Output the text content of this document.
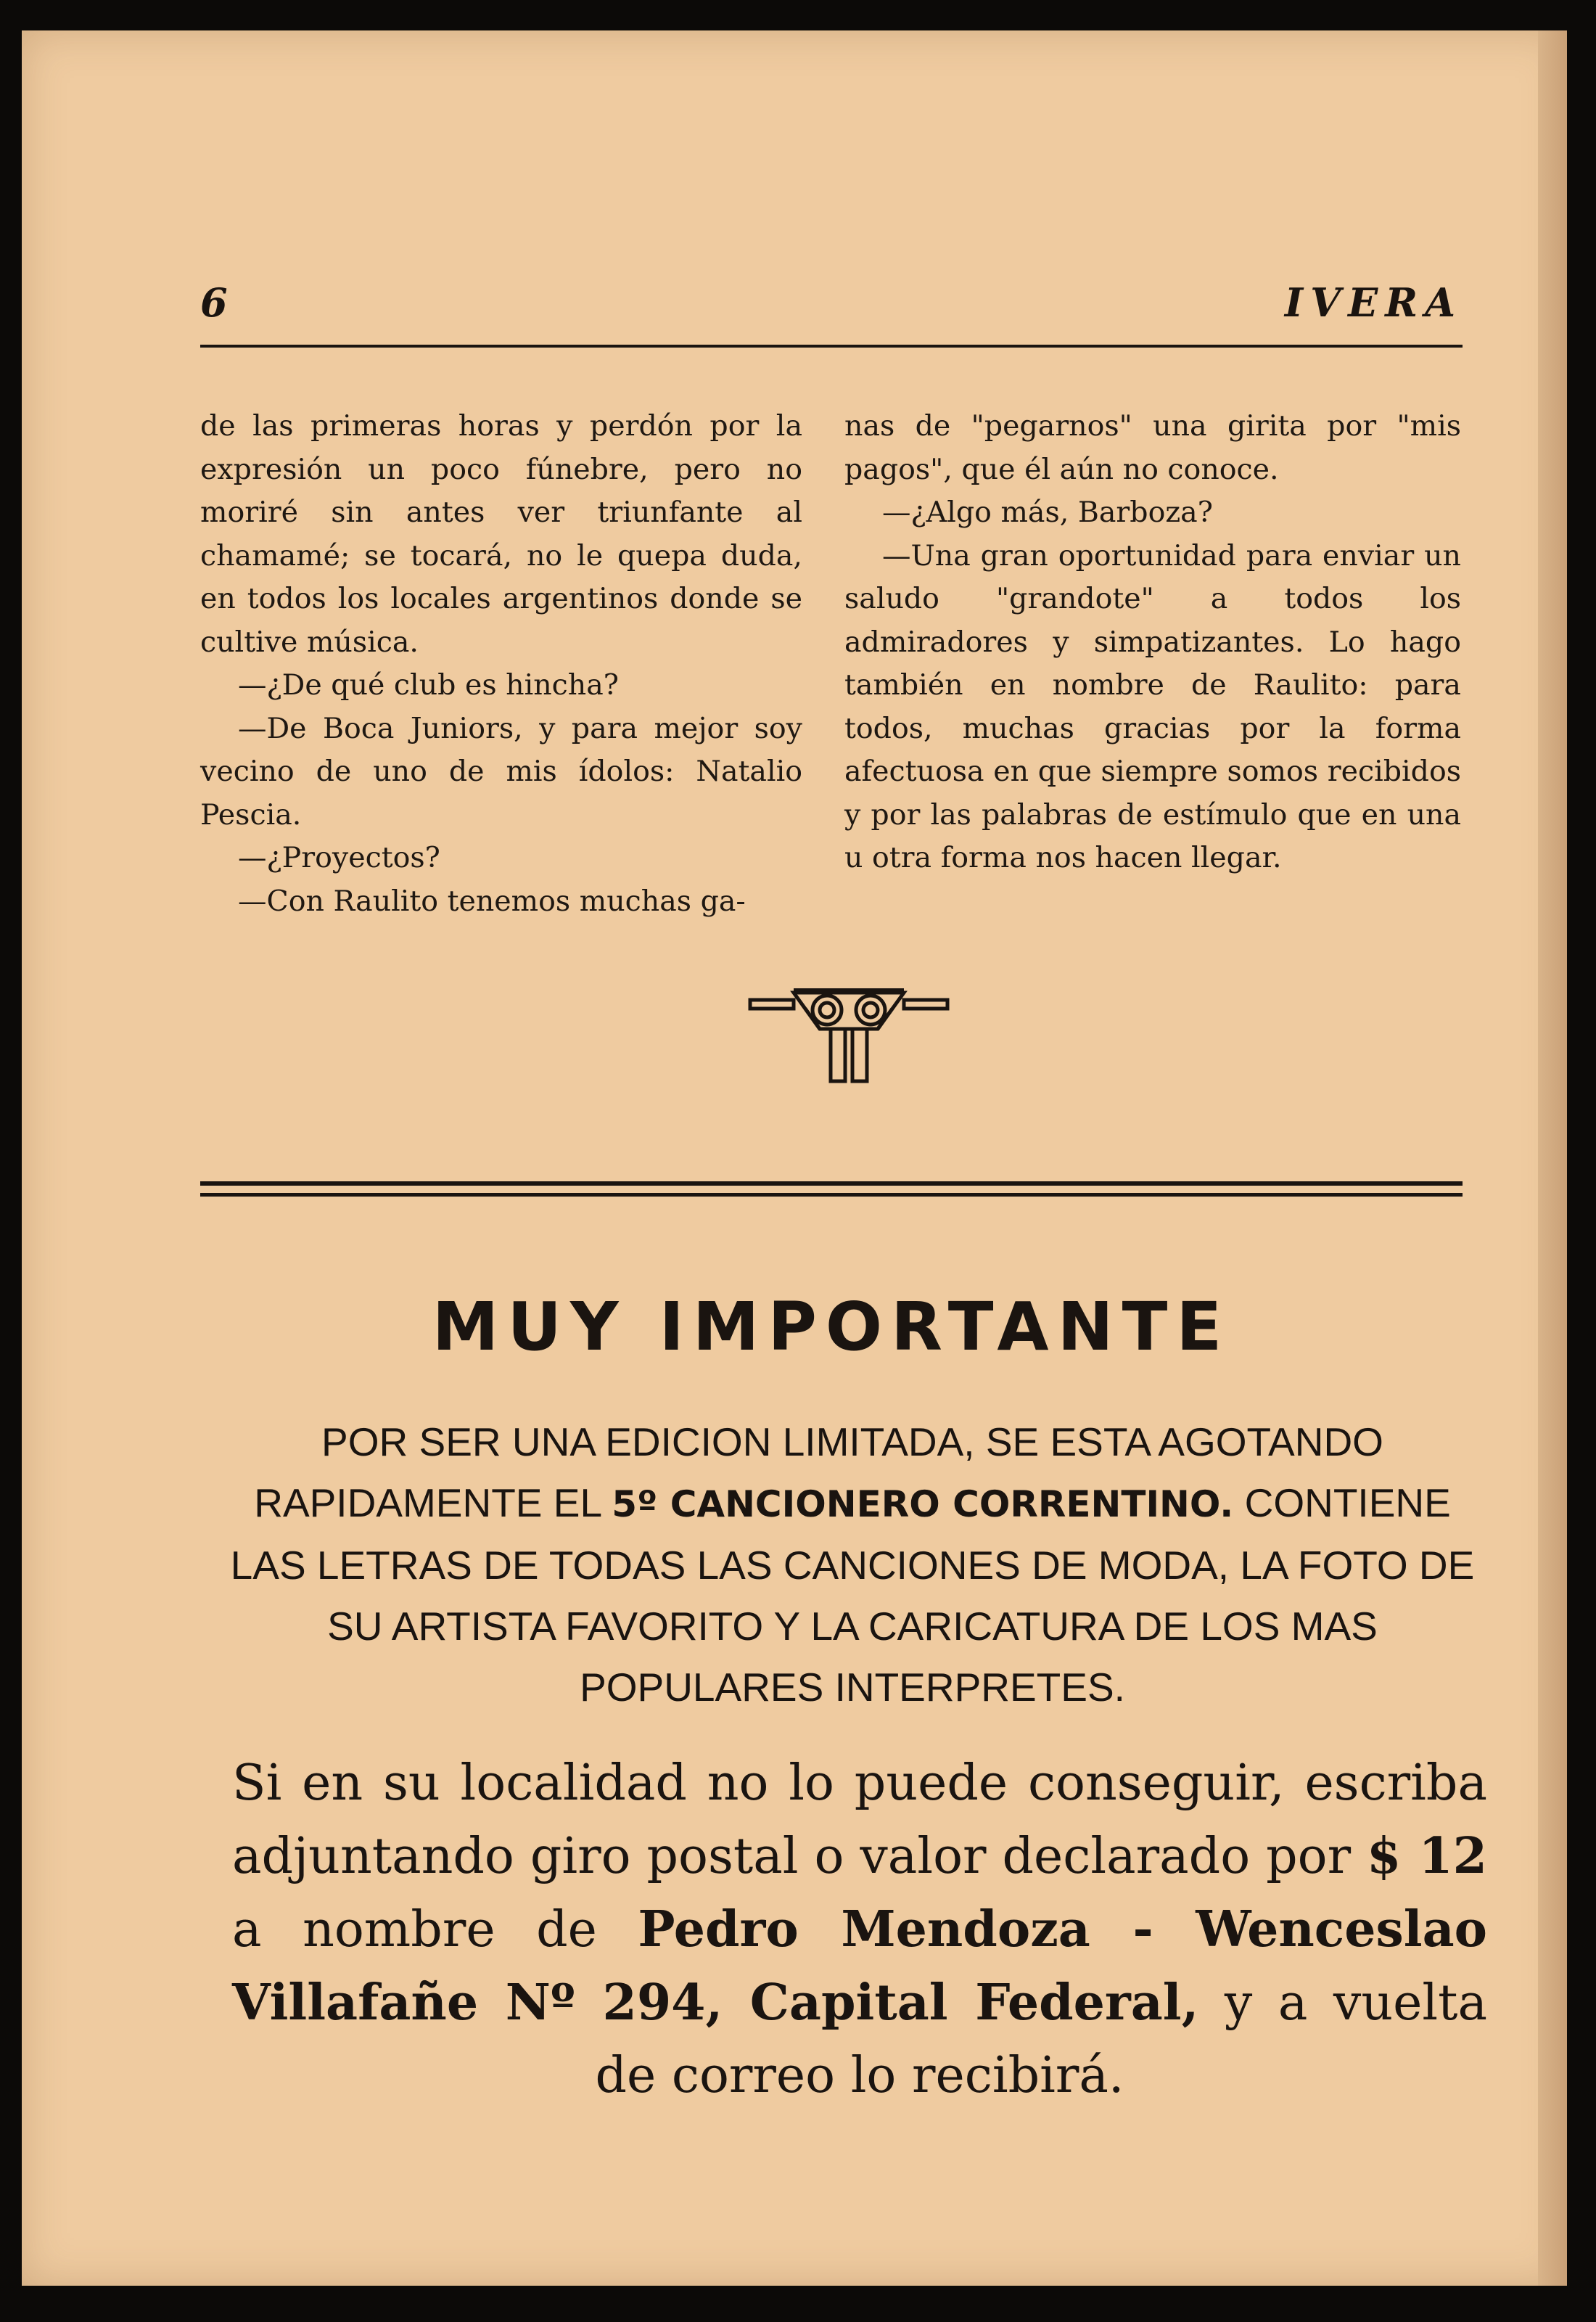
6	IVERA

de las primeras horas y perdón por la expresión un poco fúnebre, pero no moriré sin antes ver triunfante al chamamé; se tocará, no le quepa duda, en todos los locales argentinos donde se cultive música.

—¿De qué club es hincha?

—De Boca Juniors, y para mejor soy vecino de uno de mis ídolos: Natalio Pescia.

—¿Proyectos?

—Con Raulito tenemos muchas ga-

nas de "pegarnos" una girita por "mis pagos", que él aún no conoce.

—¿Algo más, Barboza?

—Una gran oportunidad para enviar un saludo "grandote" a todos los admiradores y simpatizantes. Lo hago también en nombre de Raulito: para todos, muchas gracias por la forma afectuosa en que siempre somos recibidos y por las palabras de estímulo que en una u otra forma nos hacen llegar.

MUY IMPORTANTE
POR SER UNA EDICION LIMITADA, SE ESTA AGOTANDO RAPIDAMENTE EL 5º CANCIONERO CORRENTINO. CONTIENE LAS LETRAS DE TODAS LAS CANCIONES DE MODA, LA FOTO DE SU ARTISTA FAVORITO Y LA CARICATURA DE LOS MAS POPULARES INTERPRETES.
Si en su localidad no lo puede conseguir, escriba adjuntando giro postal o valor declarado por $ 12 a nombre de Pedro Mendoza - Wenceslao Villafañe Nº 294, Capital Federal, y a vuelta de correo lo recibirá.
